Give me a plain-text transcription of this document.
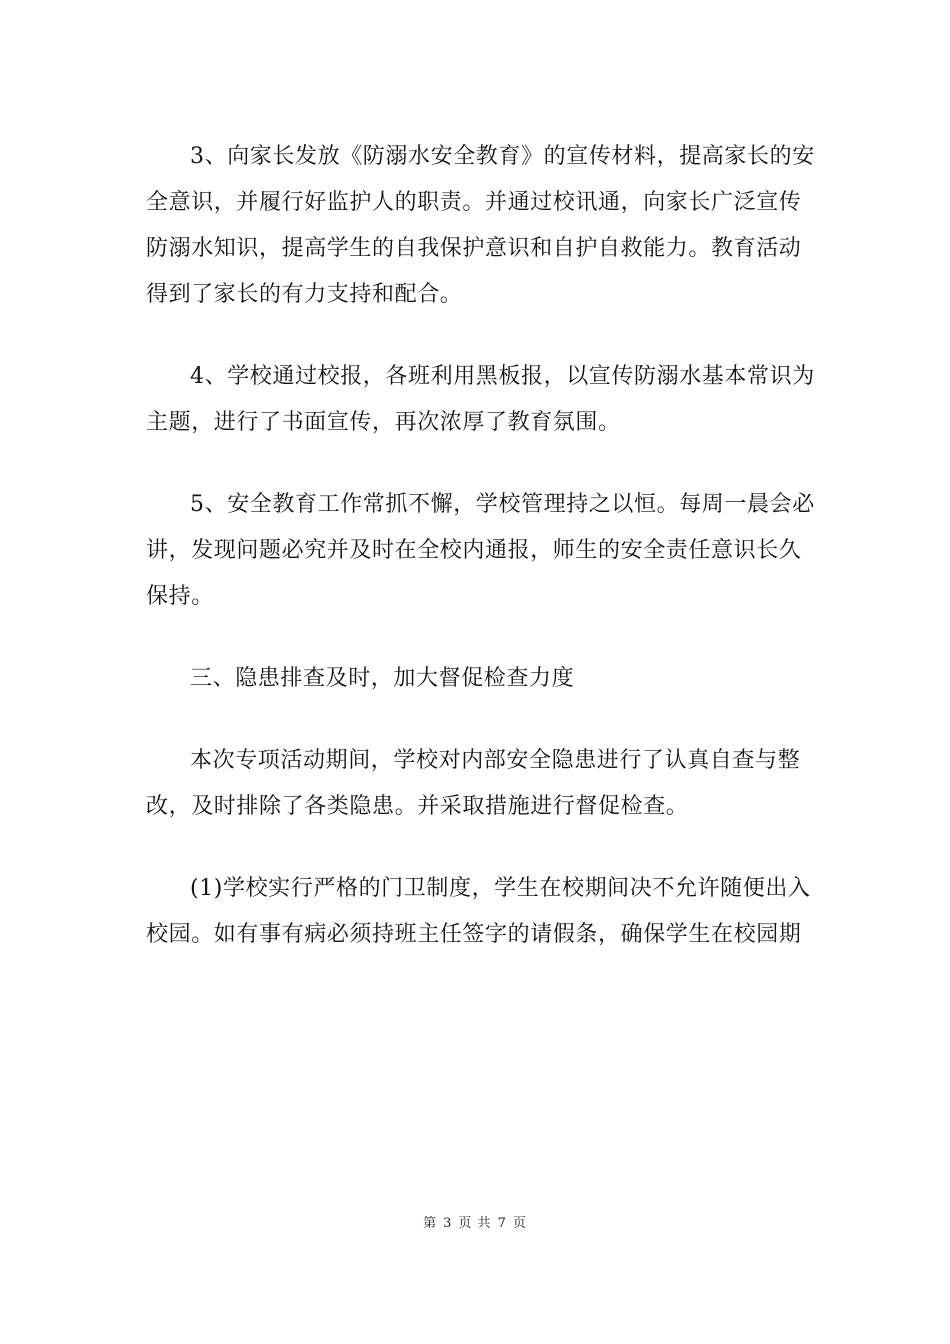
3、向家长发放《防溺水安全教育》的宣传材料，提高家长的安
全意识，并履行好监护人的职责。并通过校讯通，向家长广泛宣传
防溺水知识，提高学生的自我保护意识和自护自救能力。教育活动
得到了家长的有力支持和配合。

4、学校通过校报，各班利用黑板报，以宣传防溺水基本常识为
主题，进行了书面宣传，再次浓厚了教育氛围。

5、安全教育工作常抓不懈，学校管理持之以恒。每周一晨会必
讲，发现问题必究并及时在全校内通报，师生的安全责任意识长久
保持。

三、隐患排查及时，加大督促检查力度

本次专项活动期间，学校对内部安全隐患进行了认真自查与整
改，及时排除了各类隐患。并采取措施进行督促检查。

(1)学校实行严格的门卫制度，学生在校期间决不允许随便出入
校园。如有事有病必须持班主任签字的请假条，确保学生在校园期

第 3 页 共 7 页
